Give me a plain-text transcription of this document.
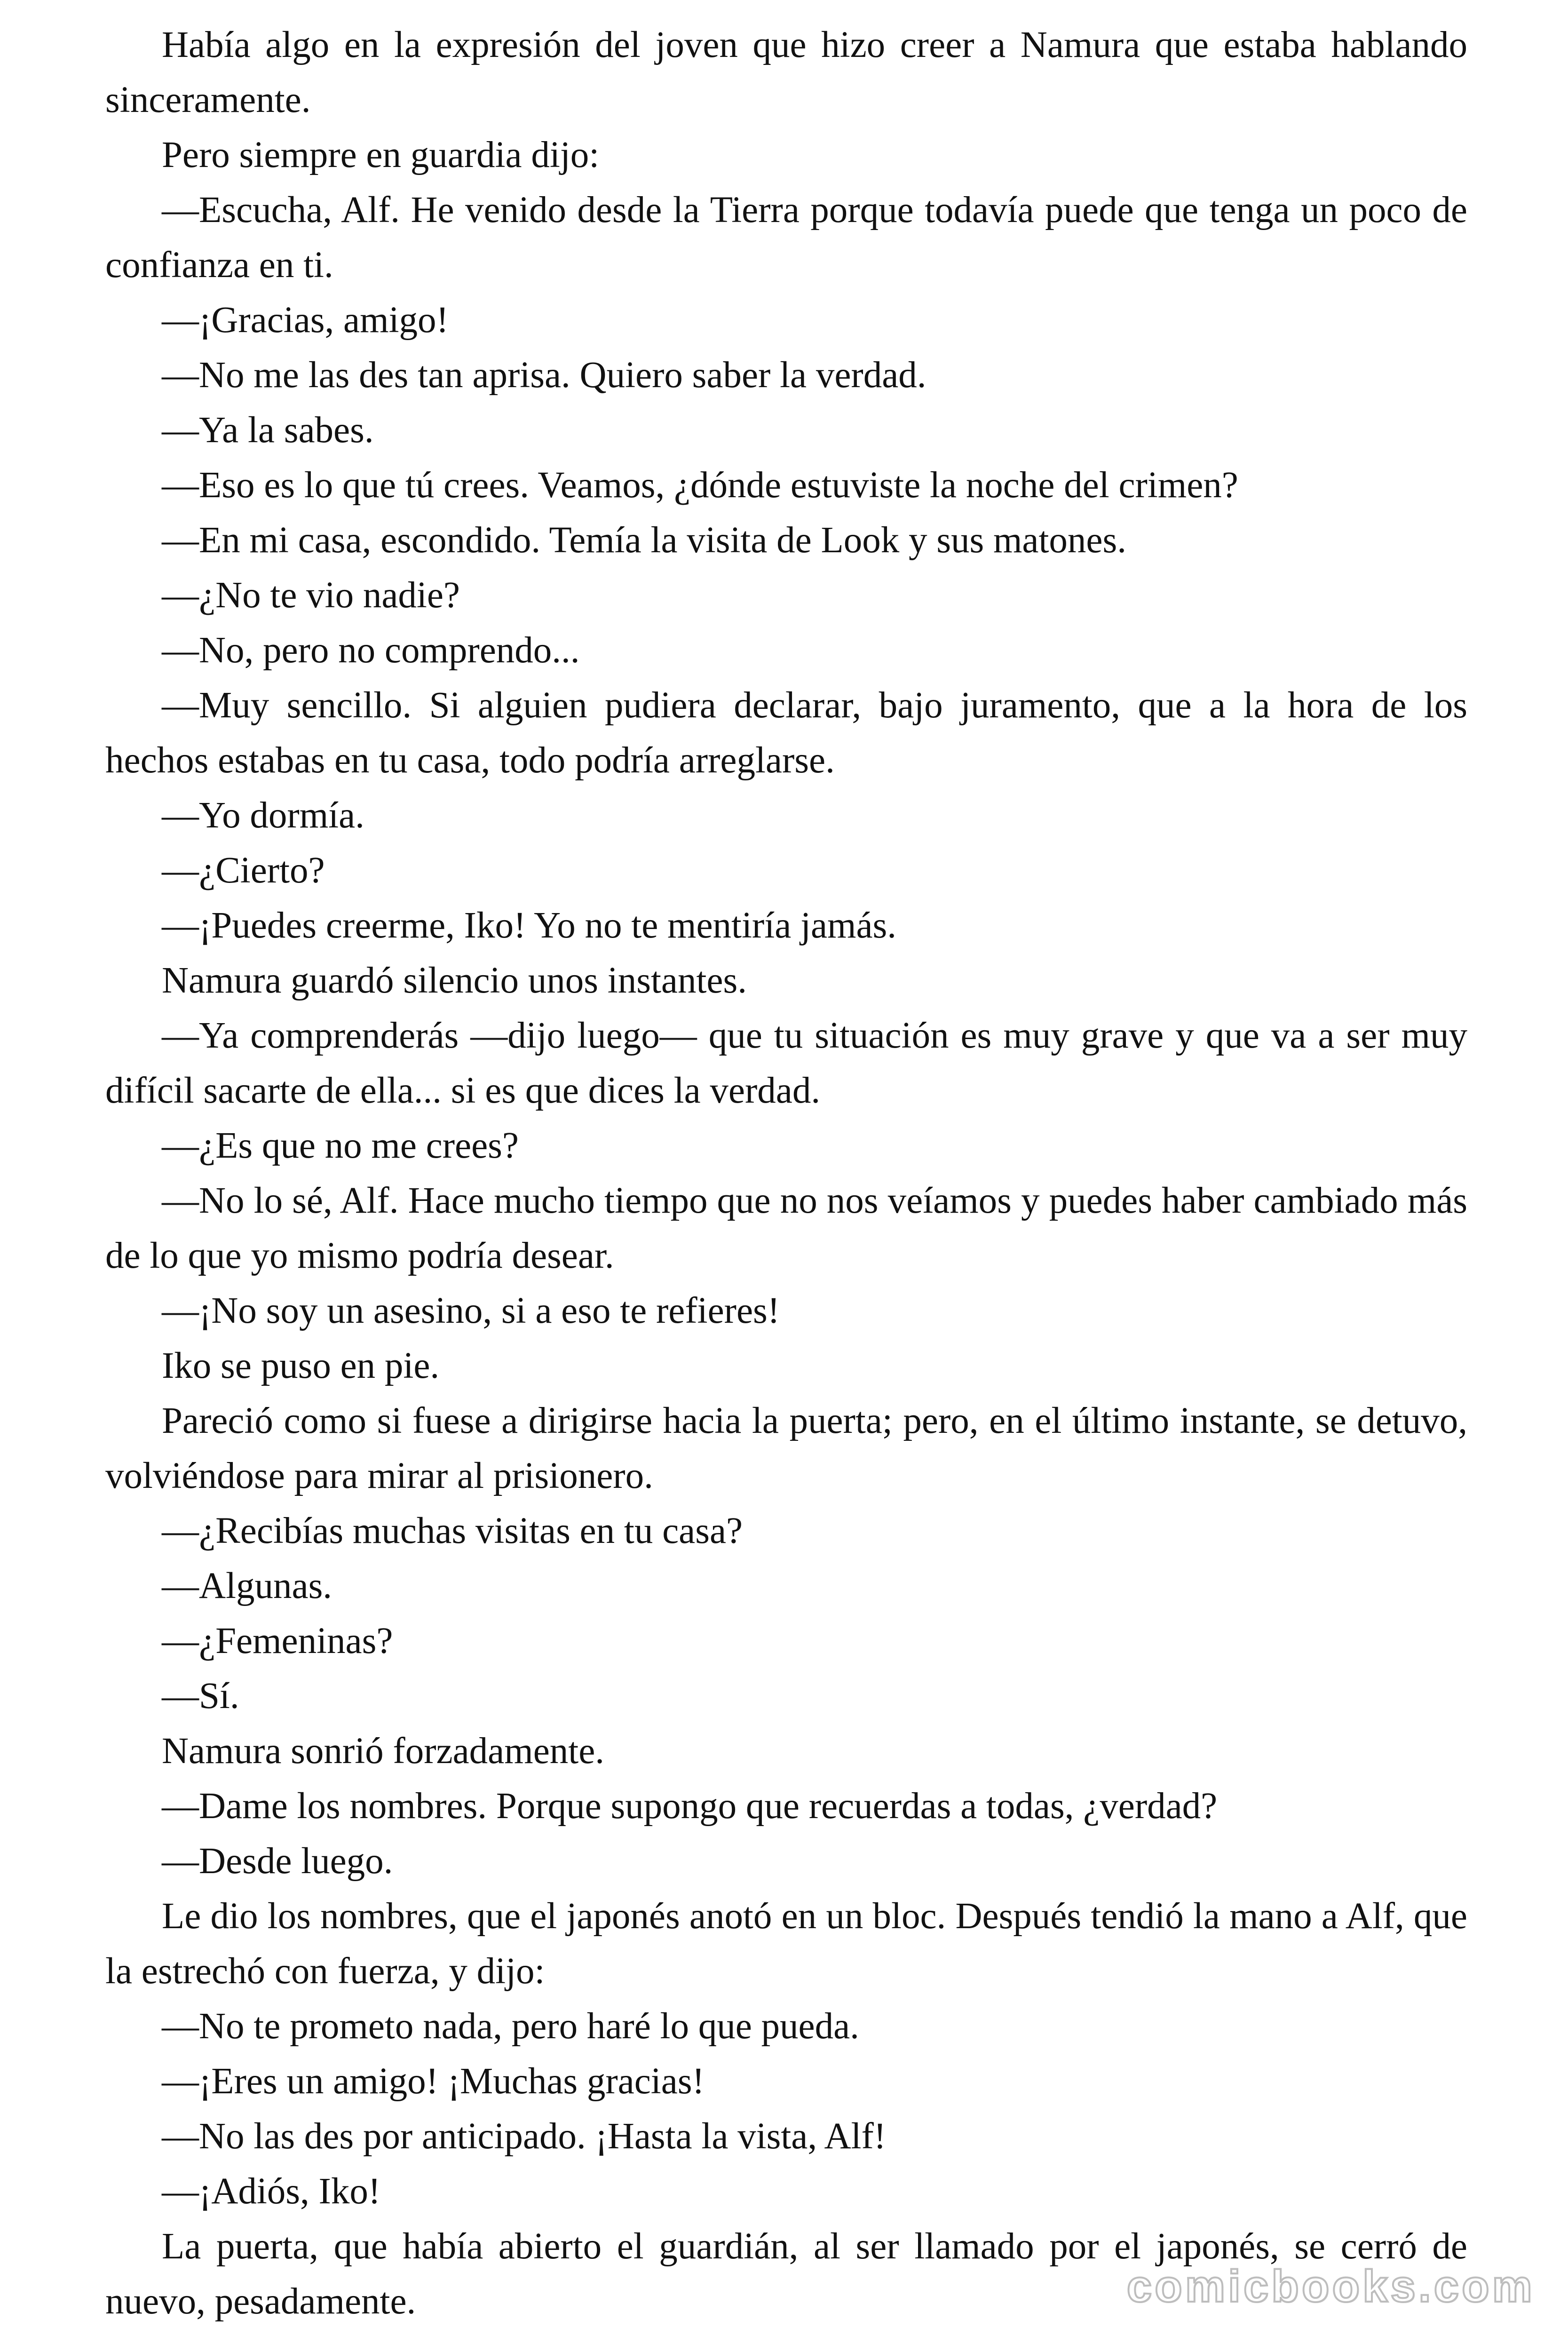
Había algo en la expresión del joven que hizo creer a Namura que estaba hablando sinceramente.

Pero siempre en guardia dijo:

—Escucha, Alf. He venido desde la Tierra porque todavía puede que tenga un poco de confianza en ti.

—¡Gracias, amigo!

—No me las des tan aprisa. Quiero saber la verdad.

—Ya la sabes.

—Eso es lo que tú crees. Veamos, ¿dónde estuviste la noche del crimen?

—En mi casa, escondido. Temía la visita de Look y sus matones.

—¿No te vio nadie?

—No, pero no comprendo...

—Muy sencillo. Si alguien pudiera declarar, bajo juramento, que a la hora de los hechos estabas en tu casa, todo podría arreglarse.

—Yo dormía.

—¿Cierto?

—¡Puedes creerme, Iko! Yo no te mentiría jamás.

Namura guardó silencio unos instantes.

—Ya comprenderás —dijo luego— que tu situación es muy grave y que va a ser muy difícil sacarte de ella... si es que dices la verdad.

—¿Es que no me crees?

—No lo sé, Alf. Hace mucho tiempo que no nos veíamos y puedes haber cambiado más de lo que yo mismo podría desear.

—¡No soy un asesino, si a eso te refieres!

Iko se puso en pie.

Pareció como si fuese a dirigirse hacia la puerta; pero, en el último instante, se detuvo, volviéndose para mirar al prisionero.

—¿Recibías muchas visitas en tu casa?

—Algunas.

—¿Femeninas?

—Sí.

Namura sonrió forzadamente.

—Dame los nombres. Porque supongo que recuerdas a todas, ¿verdad?

—Desde luego.

Le dio los nombres, que el japonés anotó en un bloc. Después tendió la mano a Alf, que la estrechó con fuerza, y dijo:

—No te prometo nada, pero haré lo que pueda.

—¡Eres un amigo! ¡Muchas gracias!

—No las des por anticipado. ¡Hasta la vista, Alf!

—¡Adiós, Iko!

La puerta, que había abierto el guardián, al ser llamado por el japonés, se cerró de nuevo, pesadamente.	comicbooks.com
